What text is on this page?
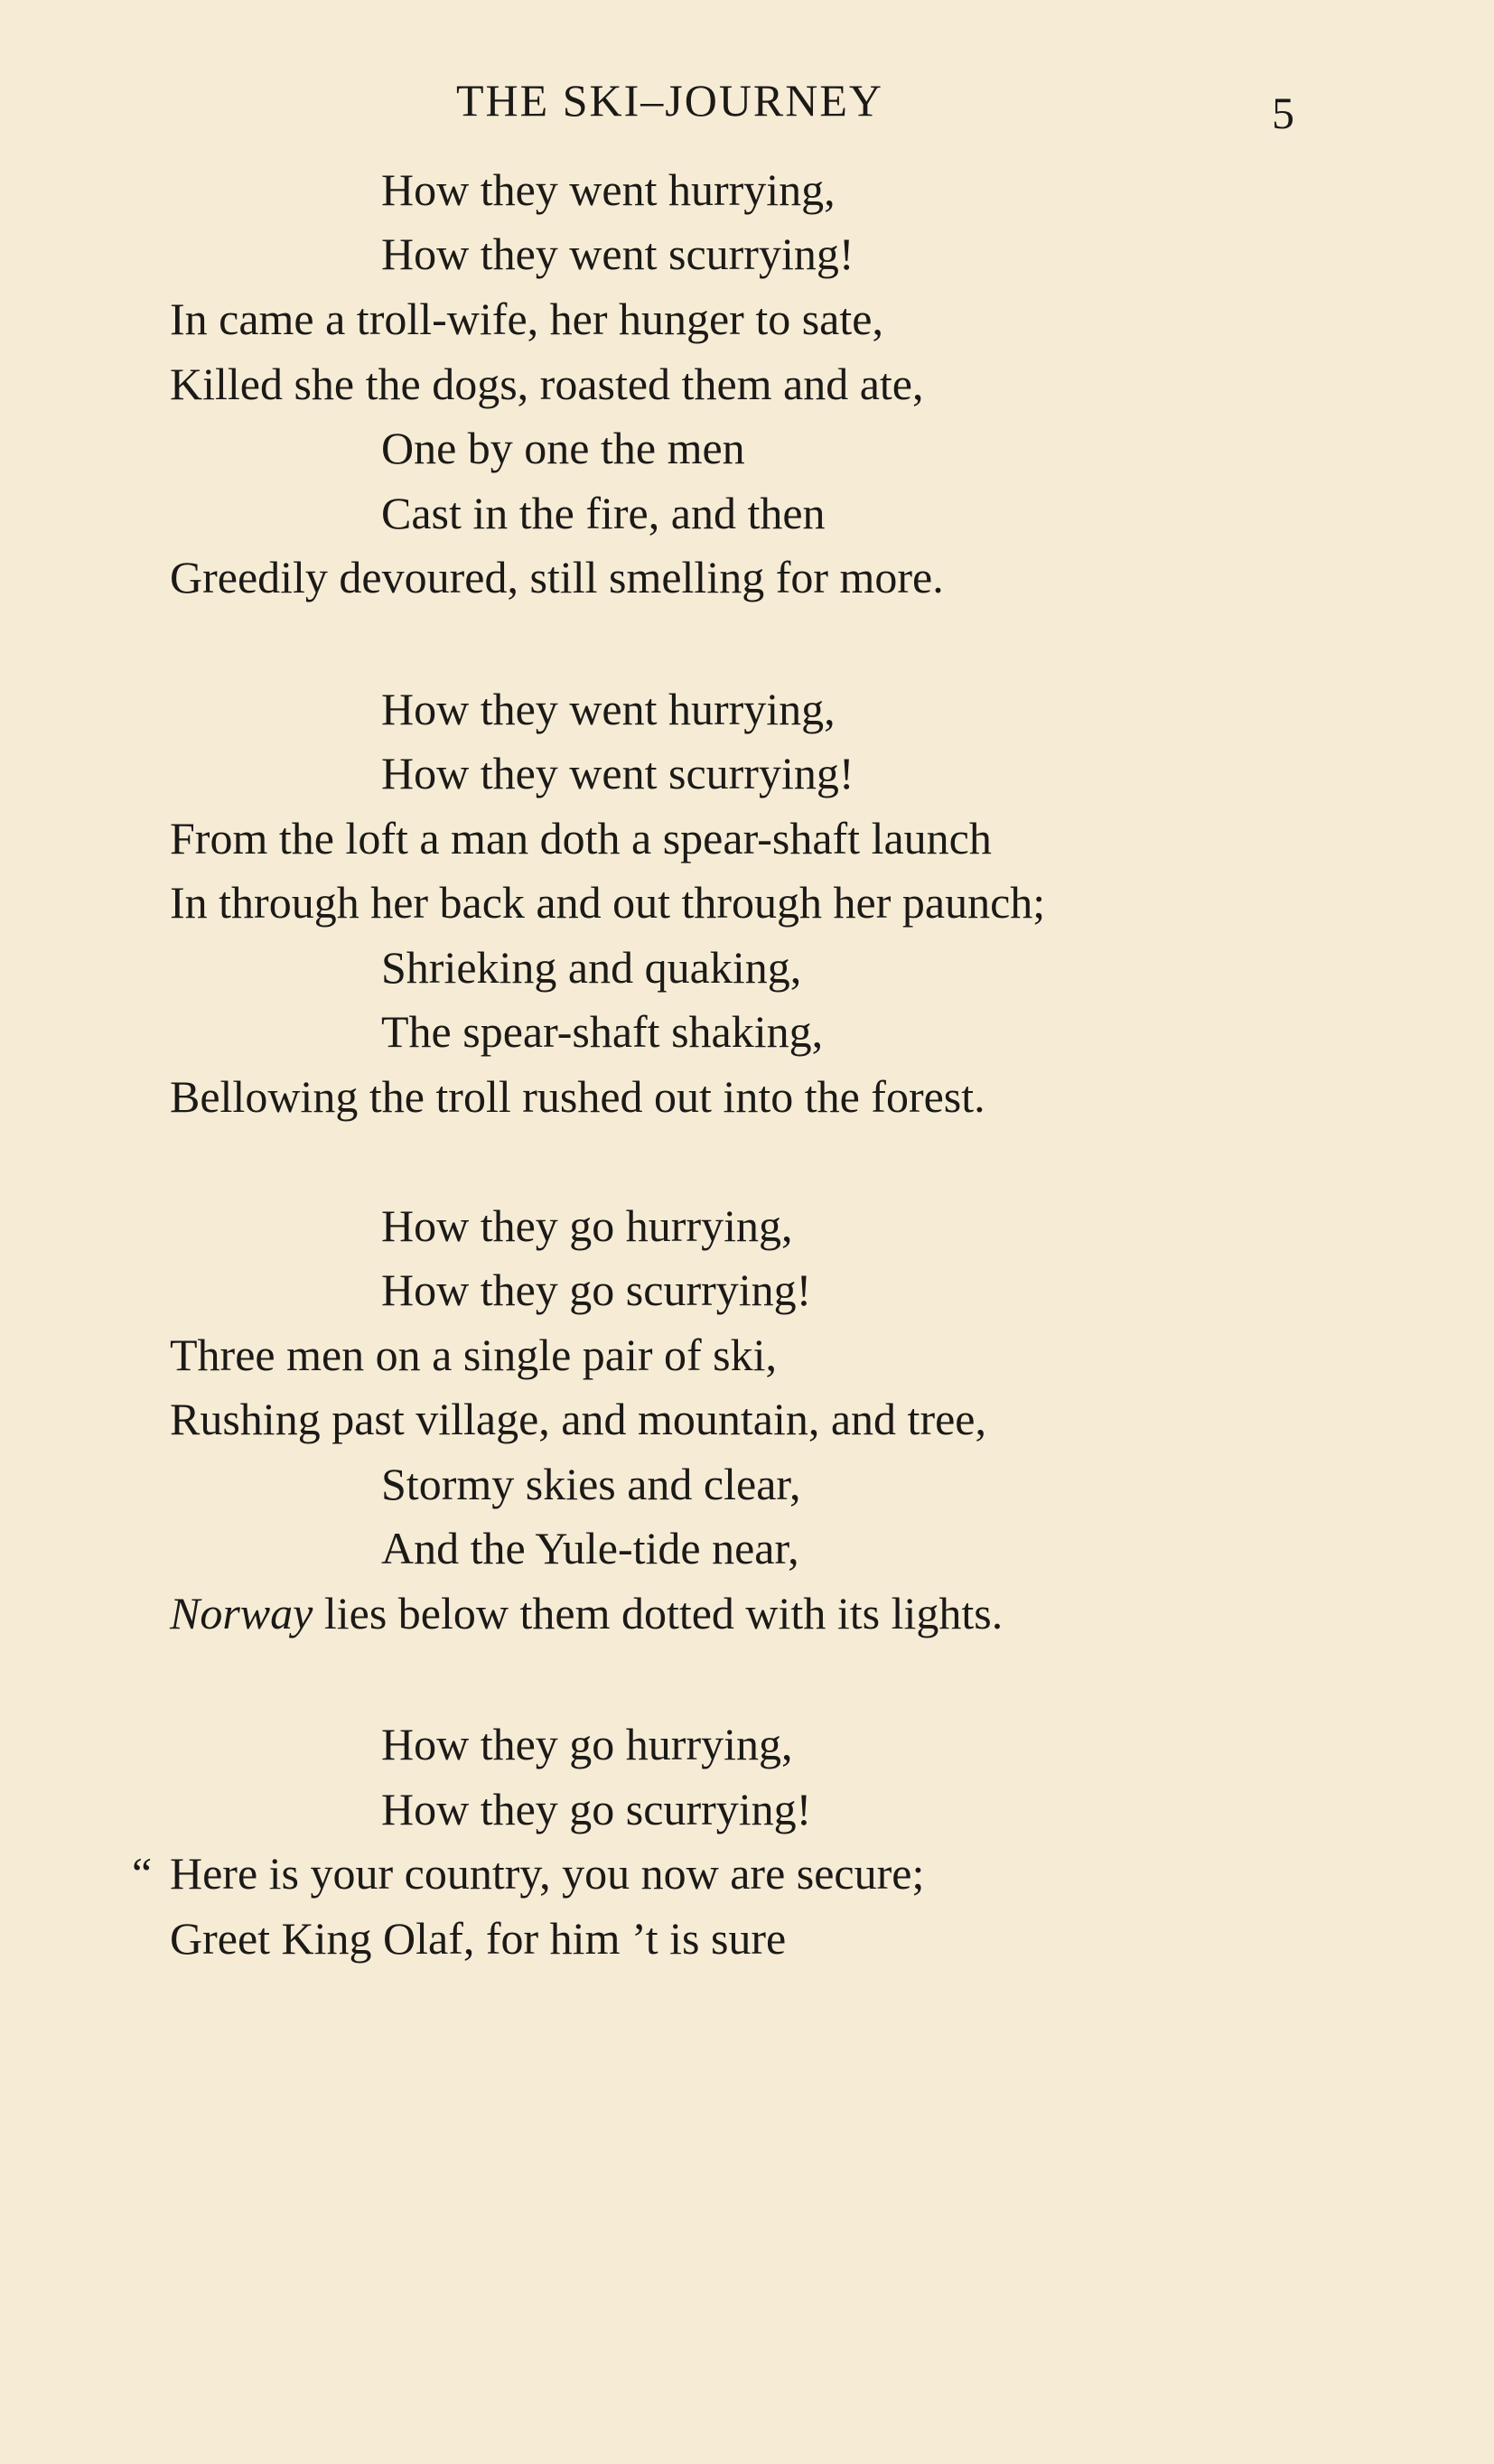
THE SKI–JOURNEY	5
How they went hurrying,
How they went scurrying!
In came a troll-wife, her hunger to sate,
Killed she the dogs, roasted them and ate,
One by one the men
Cast in the fire, and then
Greedily devoured, still smelling for more.
How they went hurrying,
How they went scurrying!
From the loft a man doth a spear-shaft launch
In through her back and out through her paunch;
Shrieking and quaking,
The spear-shaft shaking,
Bellowing the troll rushed out into the forest.
How they go hurrying,
How they go scurrying!
Three men on a single pair of ski,
Rushing past village, and mountain, and tree,
Stormy skies and clear,
And the Yule-tide near,
Norway lies below them dotted with its lights.
How they go hurrying,
How they go scurrying!
“ Here is your country, you now are secure;
Greet King Olaf, for him ’t is sure
